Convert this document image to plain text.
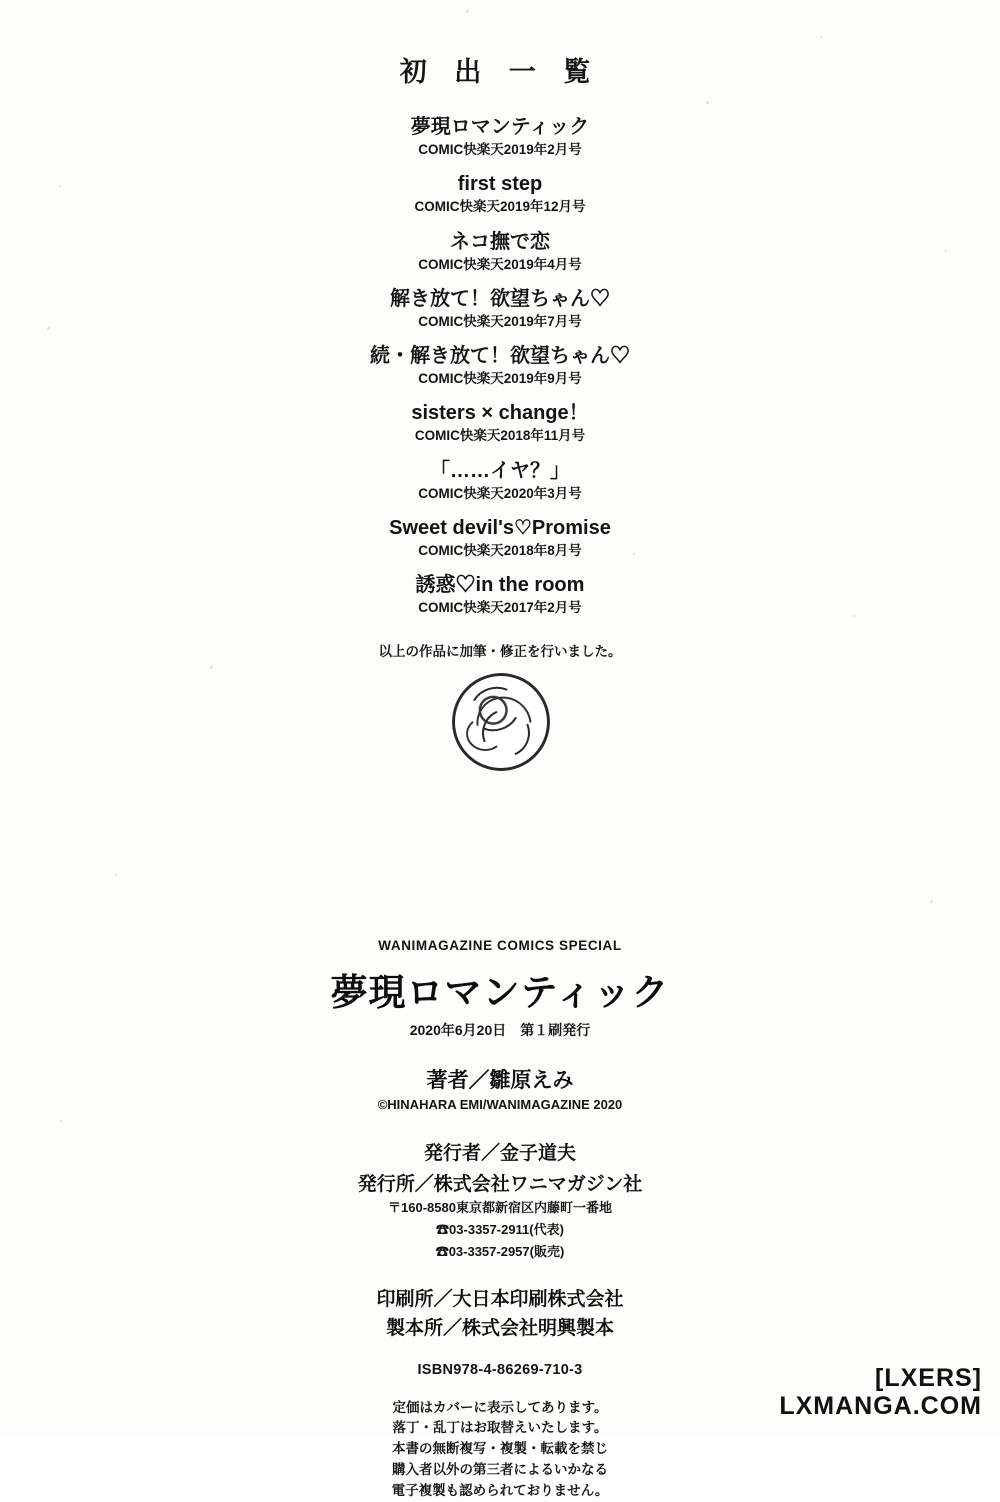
初 出 一 覧
夢現ロマンティック
COMIC快楽天2019年2月号
first step
COMIC快楽天2019年12月号
ネコ撫で恋
COMIC快楽天2019年4月号
解き放て！欲望ちゃん♡
COMIC快楽天2019年7月号
続・解き放て！欲望ちゃん♡
COMIC快楽天2019年9月号
sisters × change！
COMIC快楽天2018年11月号
「……イヤ？」
COMIC快楽天2020年3月号
Sweet devil's♡Promise
COMIC快楽天2018年8月号
誘惑♡in the room
COMIC快楽天2017年2月号
以上の作品に加筆・修正を行いました。
WANIMAGAZINE COMICS SPECIAL
夢現ロマンティック
2020年6月20日　第１刷発行
著者／雛原えみ
©HINAHARA EMI/WANIMAGAZINE 2020
発行者／金子道夫
発行所／株式会社ワニマガジン社
〒160-8580東京都新宿区内藤町一番地
☎03-3357-2911(代表)
☎03-3357-2957(販売)
印刷所／大日本印刷株式会社
製本所／株式会社明興製本
ISBN978-4-86269-710-3
定価はカバーに表示してあります。
落丁・乱丁はお取替えいたします。
本書の無断複写・複製・転載を禁じ
購入者以外の第三者によるいかなる
電子複製も認められておりません。
[LXERS]
LXMANGA.COM
